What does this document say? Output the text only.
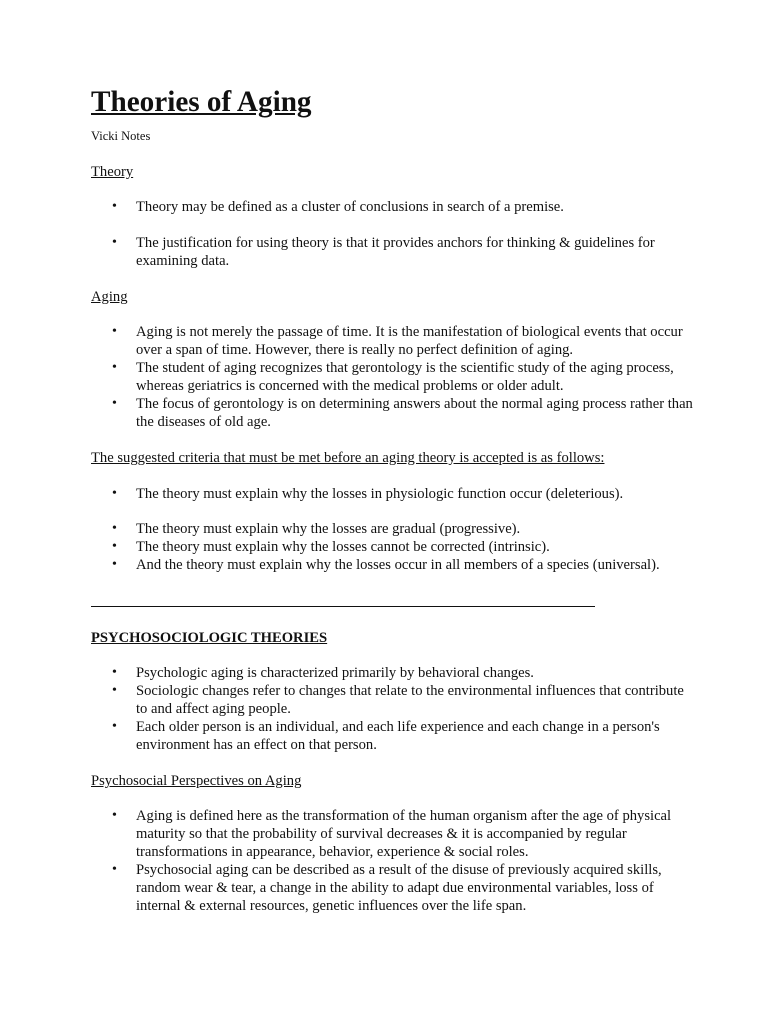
Theories of Aging

Vicki Notes

Theory

• Theory may be defined as a cluster of conclusions in search of a premise.
• The justification for using theory is that it provides anchors for thinking & guidelines for examining data.

Aging

• Aging is not merely the passage of time. It is the manifestation of biological events that occur over a span of time. However, there is really no perfect definition of aging.
• The student of aging recognizes that gerontology is the scientific study of the aging process, whereas geriatrics is concerned with the medical problems or older adult.
• The focus of gerontology is on determining answers about the normal aging process rather than the diseases of old age.

The suggested criteria that must be met before an aging theory is accepted is as follows:

• The theory must explain why the losses in physiologic function occur (deleterious).
• The theory must explain why the losses are gradual (progressive).
• The theory must explain why the losses cannot be corrected (intrinsic).
• And the theory must explain why the losses occur in all members of a species (universal).

PSYCHOSOCIOLOGIC THEORIES

• Psychologic aging is characterized primarily by behavioral changes.
• Sociologic changes refer to changes that relate to the environmental influences that contribute to and affect aging people.
• Each older person is an individual, and each life experience and each change in a person's environment has an effect on that person.

Psychosocial Perspectives on Aging

• Aging is defined here as the transformation of the human organism after the age of physical maturity so that the probability of survival decreases & it is accompanied by regular transformations in appearance, behavior, experience & social roles.
• Psychosocial aging can be described as a result of the disuse of previously acquired skills, random wear & tear, a change in the ability to adapt due environmental variables, loss of internal & external resources, genetic influences over the life span.
